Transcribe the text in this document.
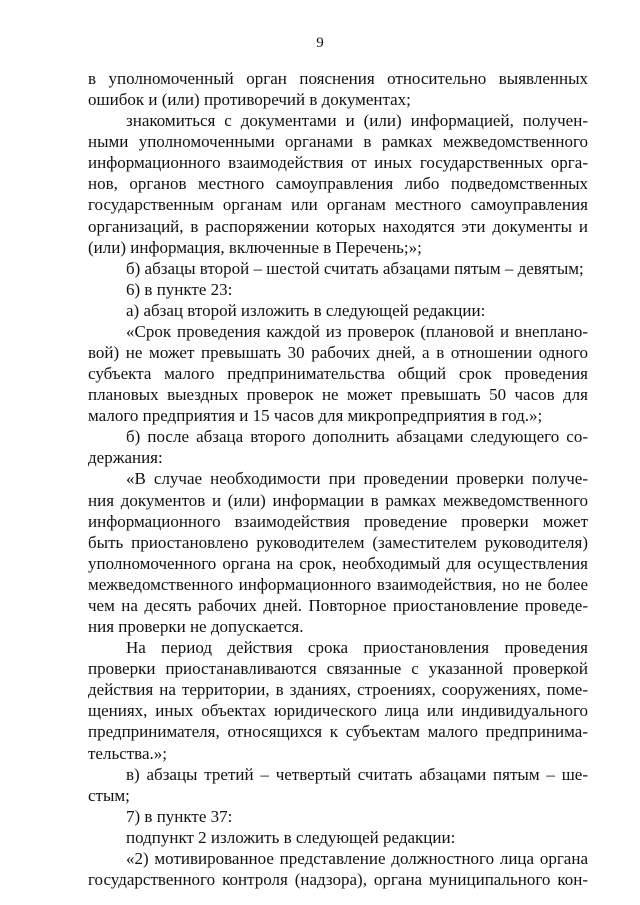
9
в уполномоченный орган пояснения относительно выявленных
ошибок и (или) противоречий в документах;
знакомиться с документами и (или) информацией, получен-
ными уполномоченными органами в рамках межведомственного
информационного взаимодействия от иных государственных орга-
нов, органов местного самоуправления либо подведомственных
государственным органам или органам местного самоуправления
организаций, в распоряжении которых находятся эти документы и
(или) информация, включенные в Перечень;»;
б) абзацы второй – шестой считать абзацами пятым – девятым;
6) в пункте 23:
а) абзац второй изложить в следующей редакции:
«Срок проведения каждой из проверок (плановой и внеплано-
вой) не может превышать 30 рабочих дней, а в отношении одного
субъекта малого предпринимательства общий срок проведения
плановых выездных проверок не может превышать 50 часов для
малого предприятия и 15 часов для микропредприятия в год.»;
б) после абзаца второго дополнить абзацами следующего со-
держания:
«В случае необходимости при проведении проверки получе-
ния документов и (или) информации в рамках межведомственного
информационного взаимодействия проведение проверки может
быть приостановлено руководителем (заместителем руководителя)
уполномоченного органа на срок, необходимый для осуществления
межведомственного информационного взаимодействия, но не более
чем на десять рабочих дней. Повторное приостановление проведе-
ния проверки не допускается.
На период действия срока приостановления проведения
проверки приостанавливаются связанные с указанной проверкой
действия на территории, в зданиях, строениях, сооружениях, поме-
щениях, иных объектах юридического лица или индивидуального
предпринимателя, относящихся к субъектам малого предпринима-
тельства.»;
в) абзацы третий – четвертый считать абзацами пятым – ше-
стым;
7) в пункте 37:
подпункт 2 изложить в следующей редакции:
«2) мотивированное представление должностного лица органа
государственного контроля (надзора), органа муниципального кон-
